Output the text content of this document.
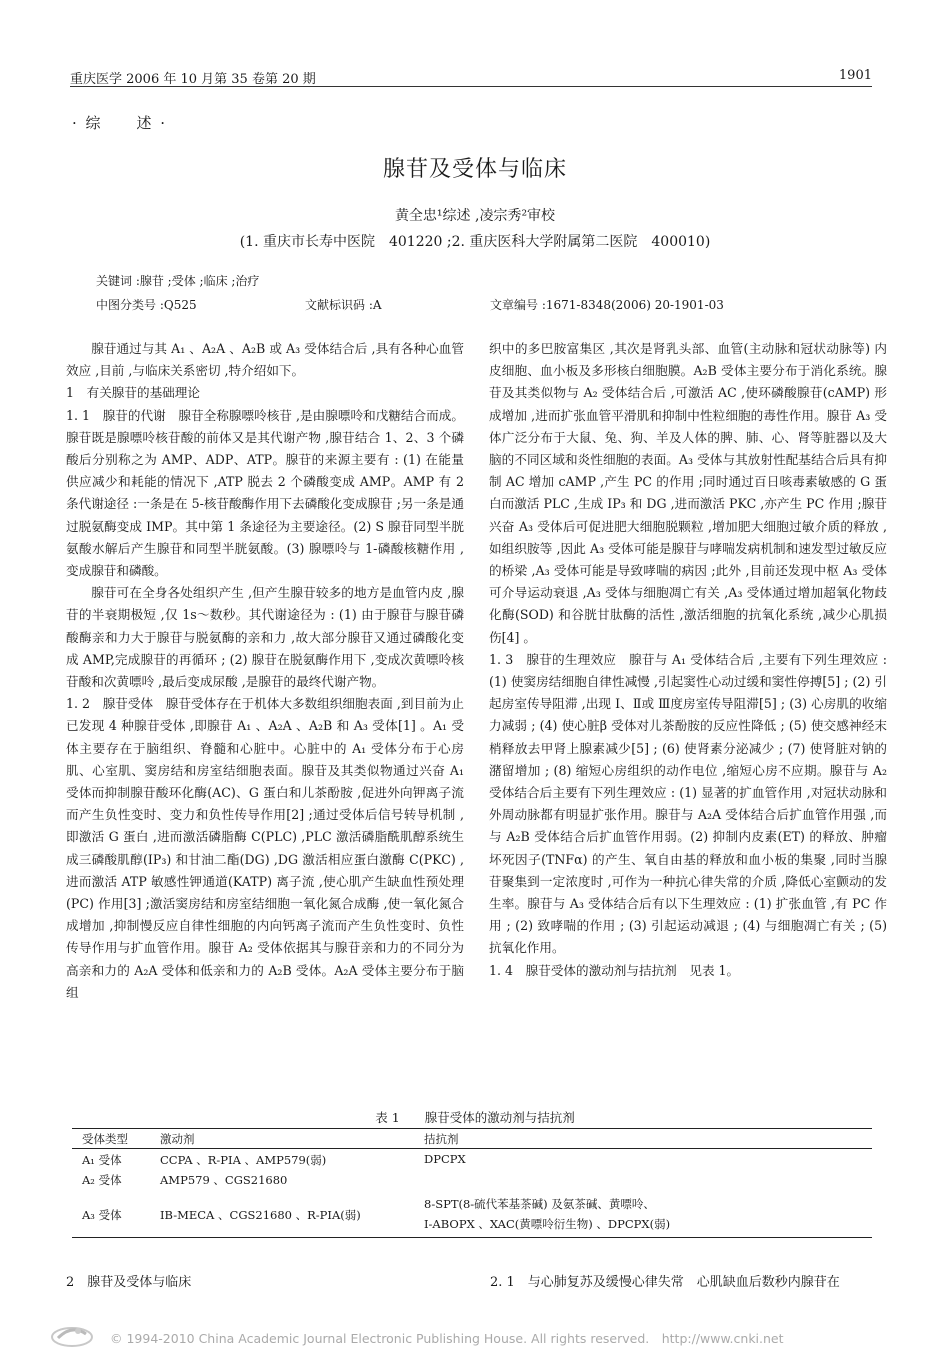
重庆医学 2006 年 10 月第 35 卷第 20 期	1901
· 综　　述 ·
腺苷及受体与临床
黄全忠¹综述 ,凌宗秀²审校
(1. 重庆市长寿中医院　401220 ;2. 重庆医科大学附属第二医院　400010)
关键词 :腺苷 ;受体 ;临床 ;治疗
中图分类号 :Q525	文献标识码 :A	文章编号 :1671-8348(2006) 20-1901-03

腺苷通过与其 A₁ 、A₂A 、A₂B 或 A₃ 受体结合后 ,具有各种心血管效应 ,目前 ,与临床关系密切 ,特介绍如下。

1　有关腺苷的基础理论

1. 1　腺苷的代谢　腺苷全称腺嘌呤核苷 ,是由腺嘌呤和戊糖结合而成。腺苷既是腺嘌呤核苷酸的前体又是其代谢产物 ,腺苷结合 1、2、3 个磷酸后分别称之为 AMP、ADP、ATP。腺苷的来源主要有 : (1) 在能量供应减少和耗能的情况下 ,ATP 脱去 2 个磷酸变成 AMP。AMP 有 2 条代谢途径 :一条是在 5-核苷酸酶作用下去磷酸化变成腺苷 ;另一条是通过脱氨酶变成 IMP。其中第 1 条途径为主要途径。(2) S 腺苷同型半胱氨酸水解后产生腺苷和同型半胱氨酸。(3) 腺嘌呤与 1-磷酸核糖作用 ,变成腺苷和磷酸。

腺苷可在全身各处组织产生 ,但产生腺苷较多的地方是血管内皮 ,腺苷的半衰期极短 ,仅 1s～数秒。其代谢途径为 : (1) 由于腺苷与腺苷磷酸酶亲和力大于腺苷与脱氨酶的亲和力 ,故大部分腺苷又通过磷酸化变成 AMP,完成腺苷的再循环 ; (2) 腺苷在脱氨酶作用下 ,变成次黄嘌呤核苷酸和次黄嘌呤 ,最后变成尿酸 ,是腺苷的最终代谢产物。

1. 2　腺苷受体　腺苷受体存在于机体大多数组织细胞表面 ,到目前为止已发现 4 种腺苷受体 ,即腺苷 A₁ 、A₂A 、A₂B 和 A₃ 受体[1] 。A₁ 受体主要存在于脑组织、脊髓和心脏中。心脏中的 A₁ 受体分布于心房肌、心室肌、窦房结和房室结细胞表面。腺苷及其类似物通过兴奋 A₁ 受体而抑制腺苷酸环化酶(AC)、G 蛋白和儿茶酚胺 ,促进外向钾离子流而产生负性变时、变力和负性传导作用[2] ;通过受体后信号转导机制 ,即激活 G 蛋白 ,进而激活磷脂酶 C(PLC) ,PLC 激活磷脂酰肌醇系统生成三磷酸肌醇(IP₃) 和甘油二酯(DG) ,DG 激活相应蛋白激酶 C(PKC) ,进而激活 ATP 敏感性钾通道(KATP) 离子流 ,使心肌产生缺血性预处理(PC) 作用[3] ;激活窦房结和房室结细胞一氧化氮合成酶 ,使一氧化氮合成增加 ,抑制慢反应自律性细胞的内向钙离子流而产生负性变时、负性传导作用与扩血管作用。腺苷 A₂ 受体依据其与腺苷亲和力的不同分为高亲和力的 A₂A 受体和低亲和力的 A₂B 受体。A₂A 受体主要分布于脑组

织中的多巴胺富集区 ,其次是肾乳头部、血管(主动脉和冠状动脉等) 内皮细胞、血小板及多形核白细胞膜。A₂B 受体主要分布于消化系统。腺苷及其类似物与 A₂ 受体结合后 ,可激活 AC ,使环磷酸腺苷(cAMP) 形成增加 ,进而扩张血管平滑肌和抑制中性粒细胞的毒性作用。腺苷 A₃ 受体广泛分布于大鼠、兔、狗、羊及人体的脾、肺、心、肾等脏器以及大脑的不同区域和炎性细胞的表面。A₃ 受体与其放射性配基结合后具有抑制 AC 增加 cAMP ,产生 PC 的作用 ;同时通过百日咳毒素敏感的 G 蛋白而激活 PLC ,生成 IP₃ 和 DG ,进而激活 PKC ,亦产生 PC 作用 ;腺苷兴奋 A₃ 受体后可促进肥大细胞脱颗粒 ,增加肥大细胞过敏介质的释放 ,如组织胺等 ,因此 A₃ 受体可能是腺苷与哮喘发病机制和速发型过敏反应的桥梁 ,A₃ 受体可能是导致哮喘的病因 ;此外 ,目前还发现中枢 A₃ 受体可介导运动衰退 ,A₃ 受体与细胞凋亡有关 ,A₃ 受体通过增加超氧化物歧化酶(SOD) 和谷胱甘肽酶的活性 ,激活细胞的抗氧化系统 ,减少心肌损伤[4] 。

1. 3　腺苷的生理效应　腺苷与 A₁ 受体结合后 ,主要有下列生理效应 : (1) 使窦房结细胞自律性减慢 ,引起窦性心动过缓和窦性停搏[5] ; (2) 引起房室传导阻滞 ,出现 Ⅰ、Ⅱ或 Ⅲ度房室传导阻滞[5] ; (3) 心房肌的收缩力减弱 ; (4) 使心脏β 受体对儿茶酚胺的反应性降低 ; (5) 使交感神经末梢释放去甲肾上腺素减少[5] ; (6) 使肾素分泌减少 ; (7) 使肾脏对钠的潴留增加 ; (8) 缩短心房组织的动作电位 ,缩短心房不应期。腺苷与 A₂ 受体结合后主要有下列生理效应 : (1) 显著的扩血管作用 ,对冠状动脉和外周动脉都有明显扩张作用。腺苷与 A₂A 受体结合后扩血管作用强 ,而与 A₂B 受体结合后扩血管作用弱。(2) 抑制内皮素(ET) 的释放、肿瘤坏死因子(TNFα) 的产生、氧自由基的释放和血小板的集聚 ,同时当腺苷聚集到一定浓度时 ,可作为一种抗心律失常的介质 ,降低心室颤动的发生率。腺苷与 A₃ 受体结合后有以下生理效应 : (1) 扩张血管 ,有 PC 作用 ; (2) 致哮喘的作用 ; (3) 引起运动减退 ; (4) 与细胞凋亡有关 ; (5) 抗氧化作用。

1. 4　腺苷受体的激动剂与拮抗剂　见表 1。

表 1　　腺苷受体的激动剂与拮抗剂
受体类型	激动剂	拮抗剂
A₁ 受体	CCPA 、R-PIA 、AMP579(弱)	DPCPX
A₂ 受体	AMP579 、CGS21680
A₃ 受体	IB-MECA 、CGS21680 、R-PIA(弱)
8-SPT(8-硫代苯基茶碱) 及氨茶碱、黄嘌呤、
I-ABOPX 、XAC(黄嘌呤衍生物) 、DPCPX(弱)
2　腺苷及受体与临床	2. 1　与心肺复苏及缓慢心律失常　心肌缺血后数秒内腺苷在
© 1994-2010 China Academic Journal Electronic Publishing House. All rights reserved.　http://www.cnki.net
